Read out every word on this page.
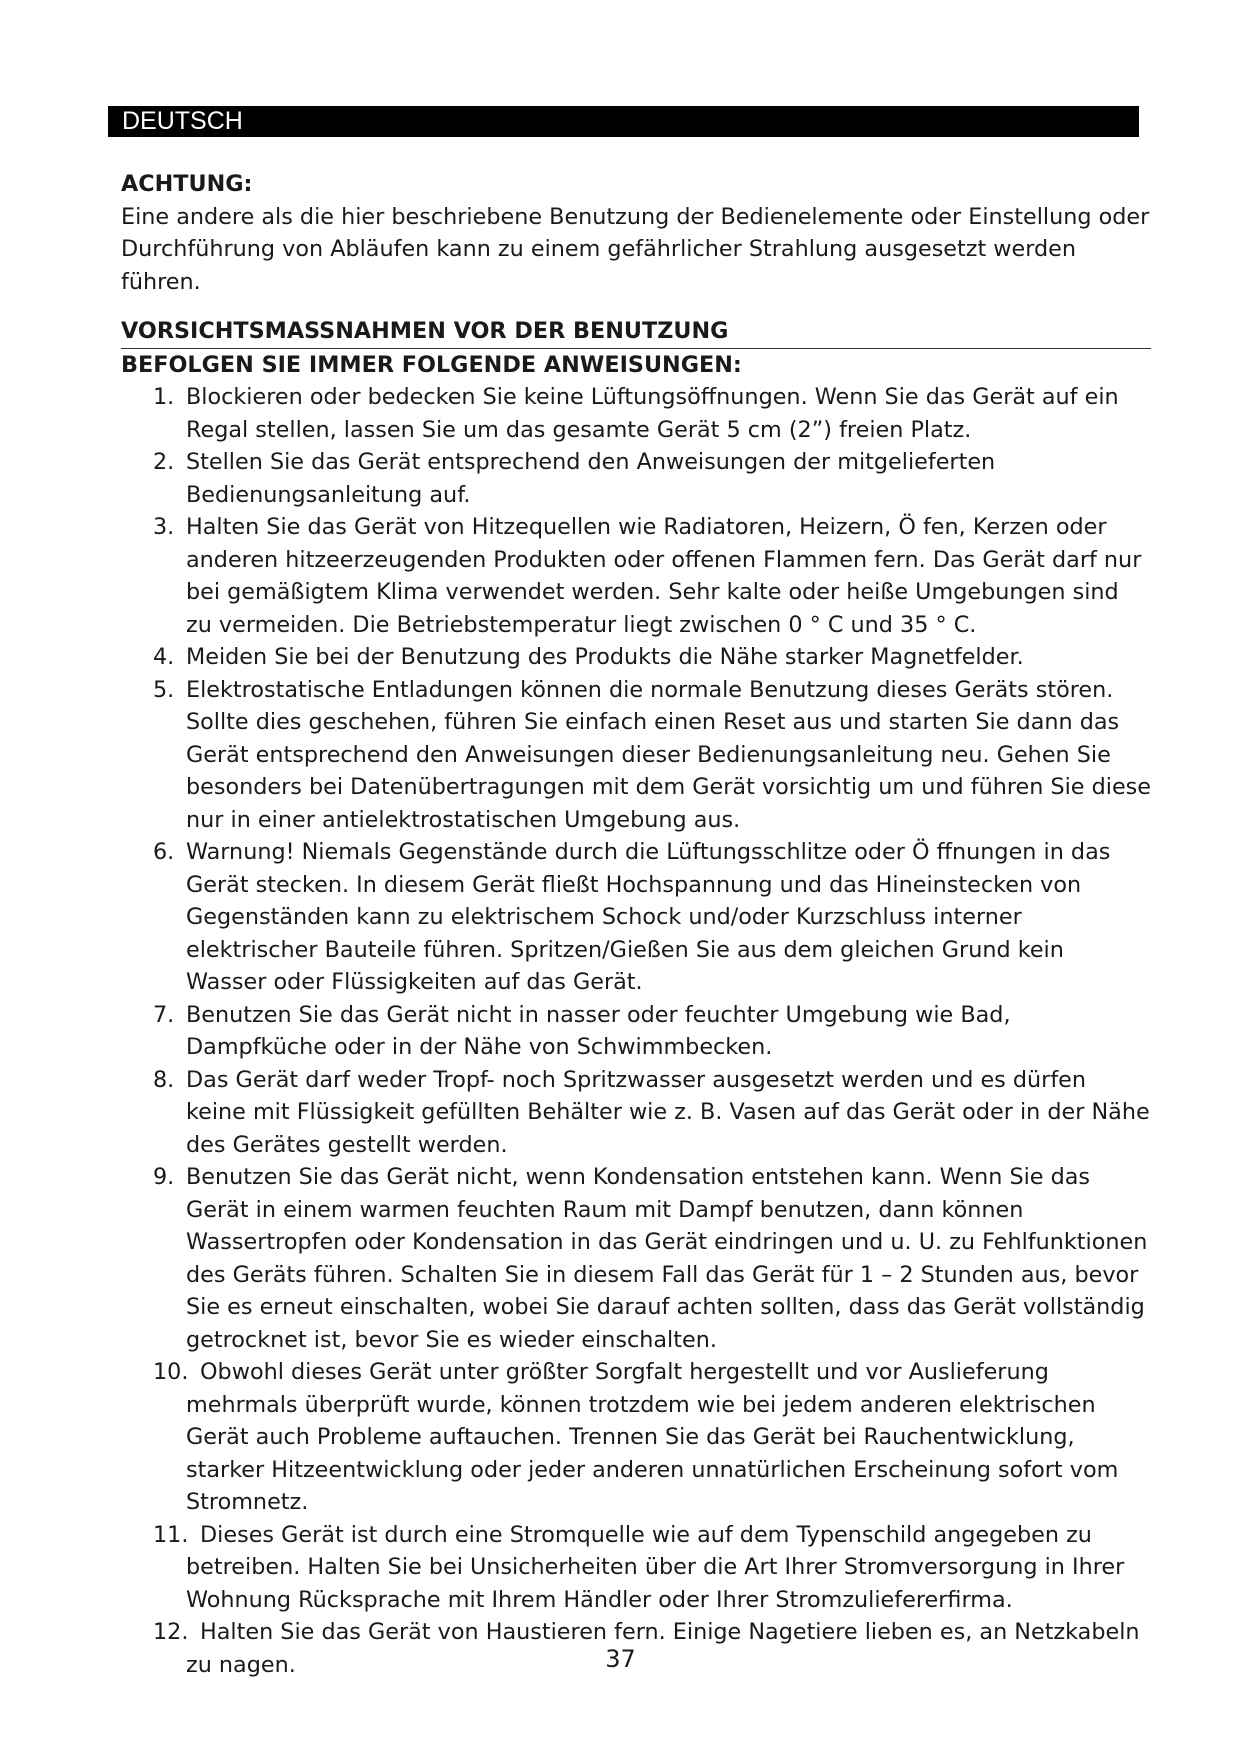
DEUTSCH

ACHTUNG:

Eine andere als die hier beschriebene Benutzung der Bedienelemente oder Einstellung oder Durchführung von Abläufen kann zu einem gefährlicher Strahlung ausgesetzt werden führen.

VORSICHTSMASSNAHMEN VOR DER BENUTZUNG
BEFOLGEN SIE IMMER FOLGENDE ANWEISUNGEN:
1. Blockieren oder bedecken Sie keine Lüftungsöffnungen. Wenn Sie das Gerät auf ein Regal stellen, lassen Sie um das gesamte Gerät 5 cm (2”) freien Platz.
2. Stellen Sie das Gerät entsprechend den Anweisungen der mitgelieferten Bedienungsanleitung auf.
3. Halten Sie das Gerät von Hitzequellen wie Radiatoren, Heizern, Ö fen, Kerzen oder anderen hitzeerzeugenden Produkten oder offenen Flammen fern. Das Gerät darf nur bei gemäßigtem Klima verwendet werden. Sehr kalte oder heiße Umgebungen sind zu vermeiden. Die Betriebstemperatur liegt zwischen 0 ° C und 35 ° C.
4. Meiden Sie bei der Benutzung des Produkts die Nähe starker Magnetfelder.
5. Elektrostatische Entladungen können die normale Benutzung dieses Geräts stören. Sollte dies geschehen, führen Sie einfach einen Reset aus und starten Sie dann das Gerät entsprechend den Anweisungen dieser Bedienungsanleitung neu. Gehen Sie besonders bei Datenübertragungen mit dem Gerät vorsichtig um und führen Sie diese nur in einer antielektrostatischen Umgebung aus.
6. Warnung! Niemals Gegenstände durch die Lüftungsschlitze oder Ö ffnungen in das Gerät stecken. In diesem Gerät fließt Hochspannung und das Hineinstecken von Gegenständen kann zu elektrischem Schock und/oder Kurzschluss interner elektrischer Bauteile führen. Spritzen/Gießen Sie aus dem gleichen Grund kein Wasser oder Flüssigkeiten auf das Gerät.
7. Benutzen Sie das Gerät nicht in nasser oder feuchter Umgebung wie Bad, Dampfküche oder in der Nähe von Schwimmbecken.
8. Das Gerät darf weder Tropf- noch Spritzwasser ausgesetzt werden und es dürfen keine mit Flüssigkeit gefüllten Behälter wie z. B. Vasen auf das Gerät oder in der Nähe des Gerätes gestellt werden.
9. Benutzen Sie das Gerät nicht, wenn Kondensation entstehen kann. Wenn Sie das Gerät in einem warmen feuchten Raum mit Dampf benutzen, dann können Wassertropfen oder Kondensation in das Gerät eindringen und u. U. zu Fehlfunktionen des Geräts führen. Schalten Sie in diesem Fall das Gerät für 1 – 2 Stunden aus, bevor Sie es erneut einschalten, wobei Sie darauf achten sollten, dass das Gerät vollständig getrocknet ist, bevor Sie es wieder einschalten.
10. Obwohl dieses Gerät unter größter Sorgfalt hergestellt und vor Auslieferung mehrmals überprüft wurde, können trotzdem wie bei jedem anderen elektrischen Gerät auch Probleme auftauchen. Trennen Sie das Gerät bei Rauchentwicklung, starker Hitzeentwicklung oder jeder anderen unnatürlichen Erscheinung sofort vom Stromnetz.
11. Dieses Gerät ist durch eine Stromquelle wie auf dem Typenschild angegeben zu betreiben. Halten Sie bei Unsicherheiten über die Art Ihrer Stromversorgung in Ihrer Wohnung Rücksprache mit Ihrem Händler oder Ihrer Stromzuliefererfirma.
12. Halten Sie das Gerät von Haustieren fern. Einige Nagetiere lieben es, an Netzkabeln zu nagen.	37
